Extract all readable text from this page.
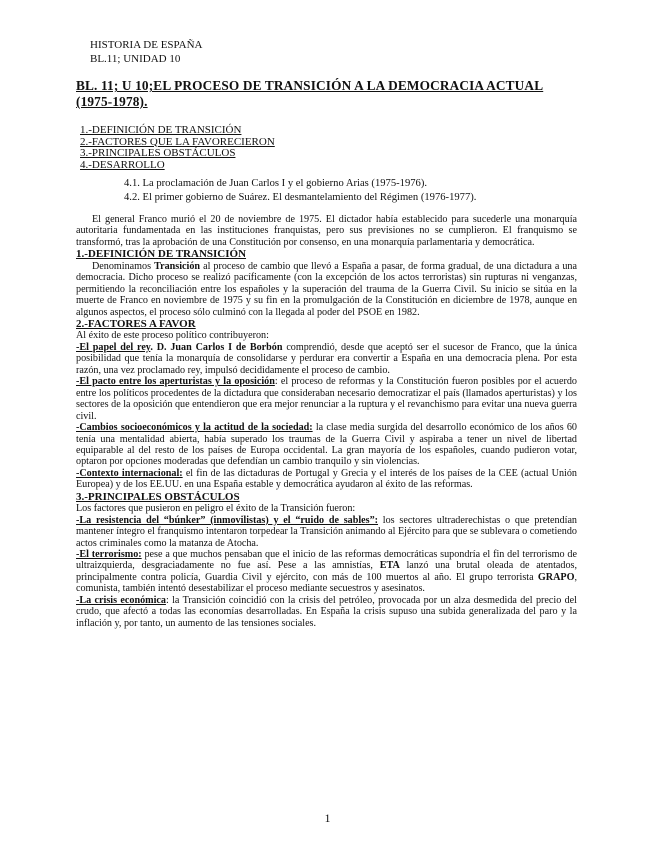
HISTORIA DE ESPAÑA
BL.11; UNIDAD 10
BL. 11; U 10;EL PROCESO DE TRANSICIÓN A LA DEMOCRACIA ACTUAL (1975-1978).
1.-DEFINICIÓN DE TRANSICIÓN
2.-FACTORES QUE LA FAVORECIERON
3.-PRINCIPALES OBSTÁCULOS
4.-DESARROLLO
4.1. La proclamación de Juan Carlos I y el gobierno Arias (1975-1976).
4.2. El primer gobierno de Suárez. El desmantelamiento del Régimen (1976-1977).

El general Franco murió el 20 de noviembre de 1975. El dictador había establecido para sucederle una monarquía autoritaria fundamentada en las instituciones franquistas, pero sus previsiones no se cumplieron. El franquismo se transformó, tras la aprobación de una Constitución por consenso, en una monarquía parlamentaria y democrática.

1.-DEFINICIÓN DE TRANSICIÓN

Denominamos Transición al proceso de cambio que llevó a España a pasar, de forma gradual, de una dictadura a una democracia. Dicho proceso se realizó pacíficamente (con la excepción de los actos terroristas) sin rupturas ni venganzas, permitiendo la reconciliación entre los españoles y la superación del trauma de la Guerra Civil. Su inicio se sitúa en la muerte de Franco en noviembre de 1975 y su fin en la promulgación de la Constitución en diciembre de 1978, aunque en algunos aspectos, el proceso sólo culminó con la llegada al poder del PSOE en 1982.

2.-FACTORES A FAVOR

Al éxito de este proceso político contribuyeron:

-El papel del rey. D. Juan Carlos I de Borbón comprendió, desde que aceptó ser el sucesor de Franco, que la única posibilidad que tenía la monarquía de consolidarse y perdurar era convertir a España en una democracia plena. Por esta razón, una vez proclamado rey, impulsó decididamente el proceso de cambio.

-El pacto entre los aperturistas y la oposición: el proceso de reformas y la Constitución fueron posibles por el acuerdo entre los políticos procedentes de la dictadura que consideraban necesario democratizar el país (llamados aperturistas) y los sectores de la oposición que entendieron que era mejor renunciar a la ruptura y el revanchismo para evitar una nueva guerra civil.

-Cambios socioeconómicos y la actitud de la sociedad: la clase media surgida del desarrollo económico de los años 60 tenía una mentalidad abierta, había superado los traumas de la Guerra Civil y aspiraba a tener un nivel de libertad equiparable al del resto de los países de Europa occidental. La gran mayoría de los españoles, cuando pudieron votar, optaron por opciones moderadas que defendían un cambio tranquilo y sin violencias.

-Contexto internacional: el fin de las dictaduras de Portugal y Grecia y el interés de los países de la CEE (actual Unión Europea) y de los EE.UU. en una España estable y democrática ayudaron al éxito de las reformas.

3.-PRINCIPALES OBSTÁCULOS

Los factores que pusieron en peligro el éxito de la Transición fueron:

-La resistencia del “búnker” (inmovilistas) y el “ruido de sables”: los sectores ultraderechistas o que pretendían mantener íntegro el franquismo intentaron torpedear la Transición animando al Ejército para que se sublevara o cometiendo actos criminales como la matanza de Atocha.

-El terrorismo: pese a que muchos pensaban que el inicio de las reformas democráticas supondría el fin del terrorismo de ultraizquierda, desgraciadamente no fue así. Pese a las amnistías, ETA lanzó una brutal oleada de atentados, principalmente contra policía, Guardia Civil y ejército, con más de 100 muertos al año. El grupo terrorista GRAPO, comunista, también intentó desestabilizar el proceso mediante secuestros y asesinatos.

-La crisis económica: la Transición coincidió con la crisis del petróleo, provocada por un alza desmedida del precio del crudo, que afectó a todas las economías desarrolladas. En España la crisis supuso una subida generalizada del paro y la inflación y, por tanto, un aumento de las tensiones sociales.

1
